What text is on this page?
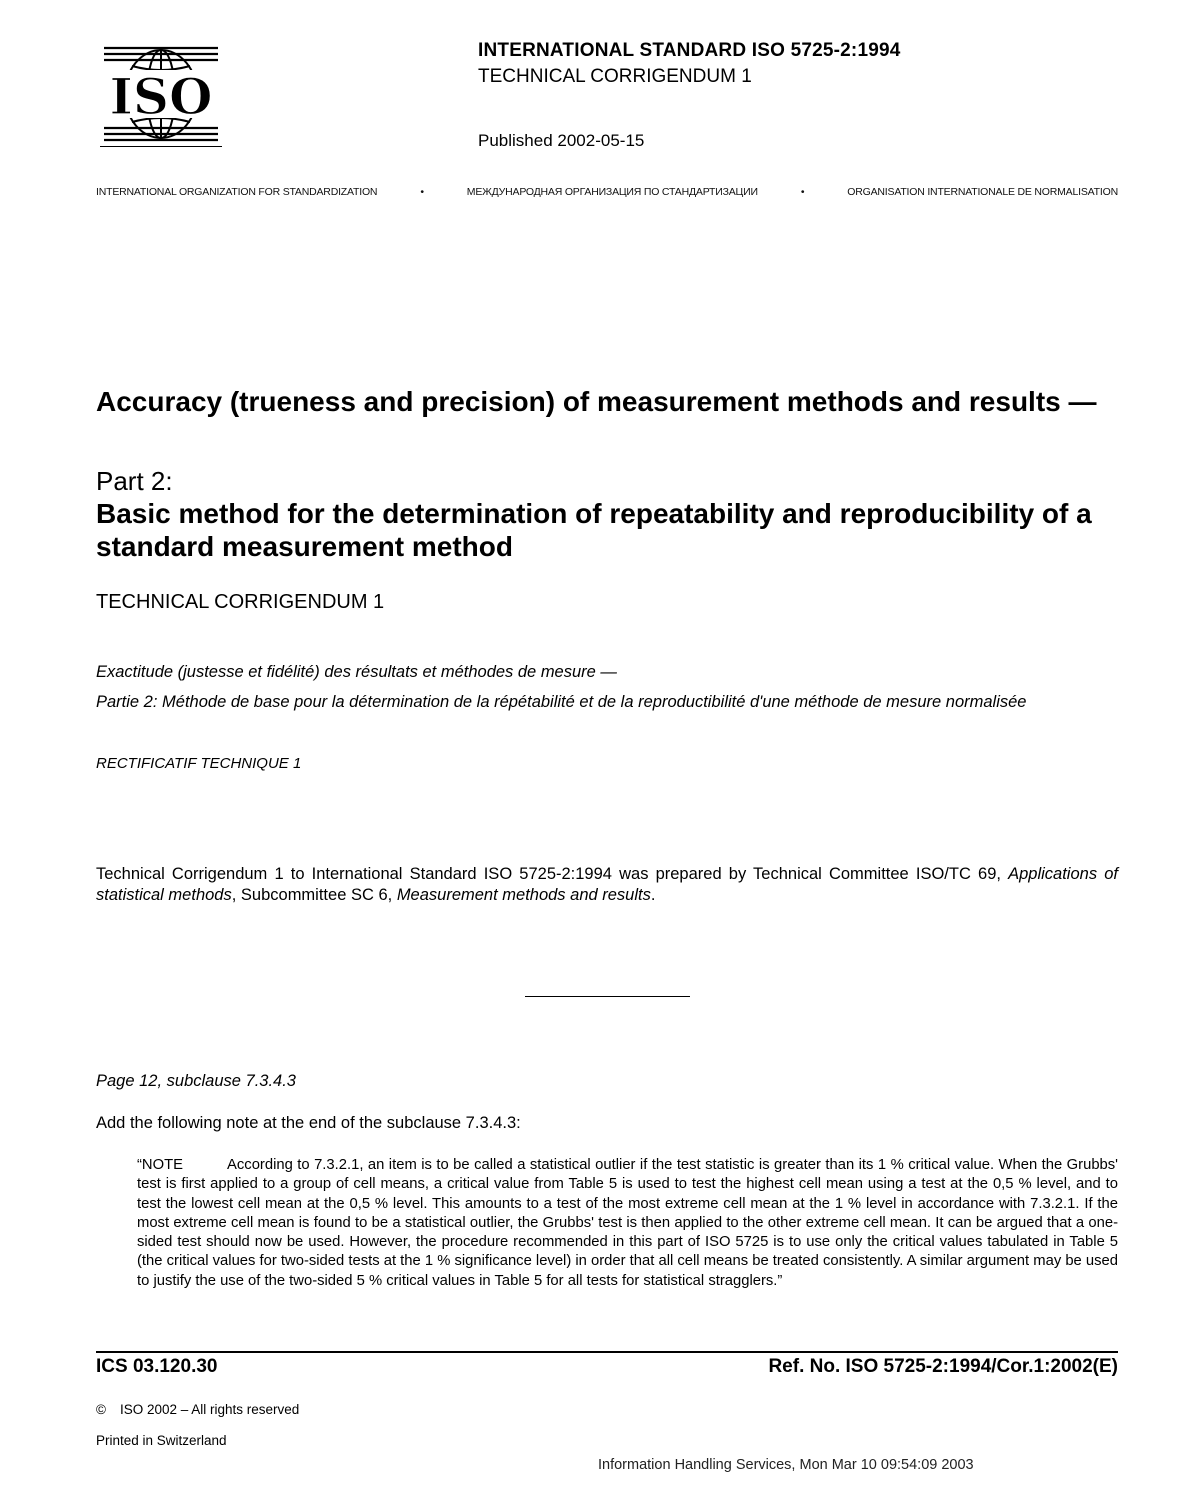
ISO
INTERNATIONAL STANDARD ISO 5725-2:1994
TECHNICAL CORRIGENDUM 1
Published 2002-05-15
INTERNATIONAL ORGANIZATION FOR STANDARDIZATION	•	МЕЖДУНАРОДНАЯ ОРГАНИЗАЦИЯ ПО СТАНДАРТИЗАЦИИ	•	ORGANISATION INTERNATIONALE DE NORMALISATION
Accuracy (trueness and precision) of measurement methods and results —
Part 2:
Basic method for the determination of repeatability and reproducibility of a standard measurement method
TECHNICAL CORRIGENDUM 1
Exactitude (justesse et fidélité) des résultats et méthodes de mesure —
Partie 2: Méthode de base pour la détermination de la répétabilité et de la reproductibilité d'une méthode de mesure normalisée
RECTIFICATIF TECHNIQUE 1
Technical Corrigendum 1 to International Standard ISO 5725-2:1994 was prepared by Technical Committee ISO/TC 69, Applications of statistical methods, Subcommittee SC 6, Measurement methods and results.
Page 12, subclause 7.3.4.3
Add the following note at the end of the subclause 7.3.4.3:
“NOTE	According to 7.3.2.1, an item is to be called a statistical outlier if the test statistic is greater than its 1 % critical value. When the Grubbs' test is first applied to a group of cell means, a critical value from Table 5 is used to test the highest cell mean using a test at the 0,5 % level, and to test the lowest cell mean at the 0,5 % level. This amounts to a test of the most extreme cell mean at the 1 % level in accordance with 7.3.2.1. If the most extreme cell mean is found to be a statistical outlier, the Grubbs' test is then applied to the other extreme cell mean. It can be argued that a one-sided test should now be used. However, the procedure recommended in this part of ISO 5725 is to use only the critical values tabulated in Table 5 (the critical values for two-sided tests at the 1 % significance level) in order that all cell means be treated consistently. A similar argument may be used to justify the use of the two-sided 5 % critical values in Table 5 for all tests for statistical stragglers.”
ICS 03.120.30	Ref. No. ISO 5725-2:1994/Cor.1:2002(E)
© ISO 2002 – All rights reserved
Printed in Switzerland
Information Handling Services, Mon Mar 10 09:54:09 2003
